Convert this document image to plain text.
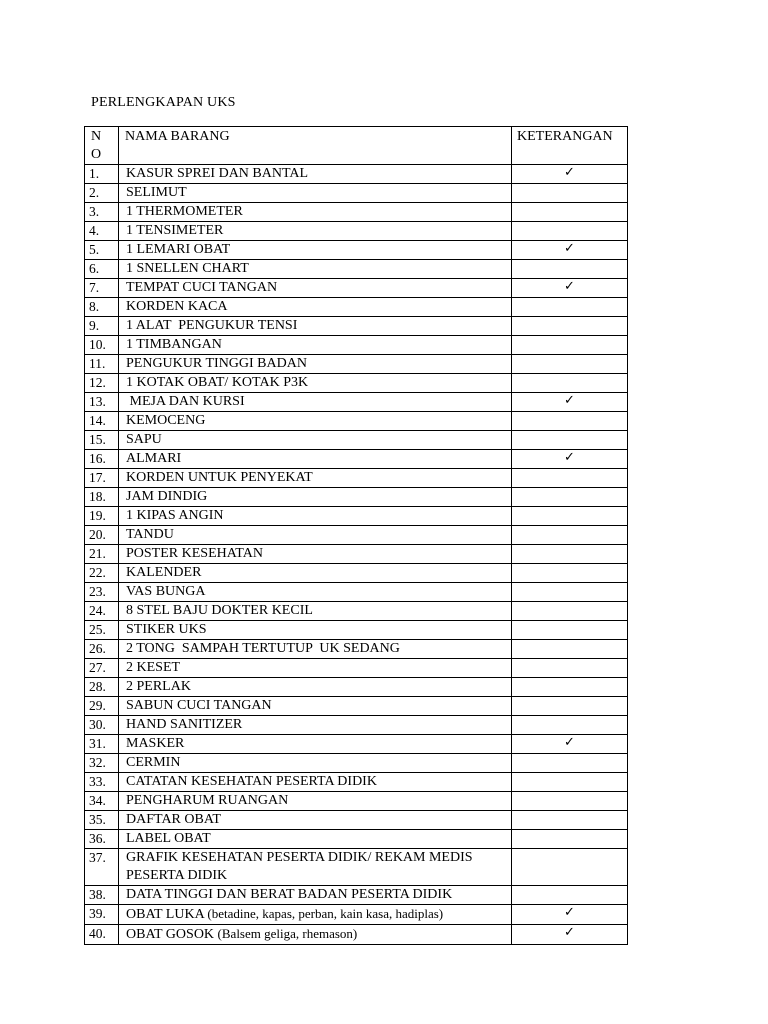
PERLENGKAPAN UKS
N O	NAMA BARANG	KETERANGAN
1.	KASUR SPREI DAN BANTAL	✓
2.	SELIMUT	
3.	1 THERMOMETER	
4.	1 TENSIMETER	
5.	1 LEMARI OBAT	✓
6.	1 SNELLEN CHART	
7.	TEMPAT CUCI TANGAN	✓
8.	KORDEN KACA	
9.	1 ALAT  PENGUKUR TENSI	
10.	1 TIMBANGAN	
11.	PENGUKUR TINGGI BADAN	
12.	1 KOTAK OBAT/ KOTAK P3K	
13.	MEJA DAN KURSI	✓
14.	KEMOCENG	
15.	SAPU	
16.	ALMARI	✓
17.	KORDEN UNTUK PENYEKAT	
18.	JAM DINDIG	
19.	1 KIPAS ANGIN	
20.	TANDU	
21.	POSTER KESEHATAN	
22.	KALENDER	
23.	VAS BUNGA	
24.	8 STEL BAJU DOKTER KECIL	
25.	STIKER UKS	
26.	2 TONG  SAMPAH TERTUTUP  UK SEDANG	
27.	2 KESET	
28.	2 PERLAK	
29.	SABUN CUCI TANGAN	
30.	HAND SANITIZER	
31.	MASKER	✓
32.	CERMIN	
33.	CATATAN KESEHATAN PESERTA DIDIK	
34.	PENGHARUM RUANGAN	
35.	DAFTAR OBAT	
36.	LABEL OBAT	
37.	GRAFIK KESEHATAN PESERTA DIDIK/ REKAM MEDIS PESERTA DIDIK	
38.	DATA TINGGI DAN BERAT BADAN PESERTA DIDIK	
39.	OBAT LUKA (betadine, kapas, perban, kain kasa, hadiplas)	✓
40.	OBAT GOSOK (Balsem geliga, rhemason)	✓
